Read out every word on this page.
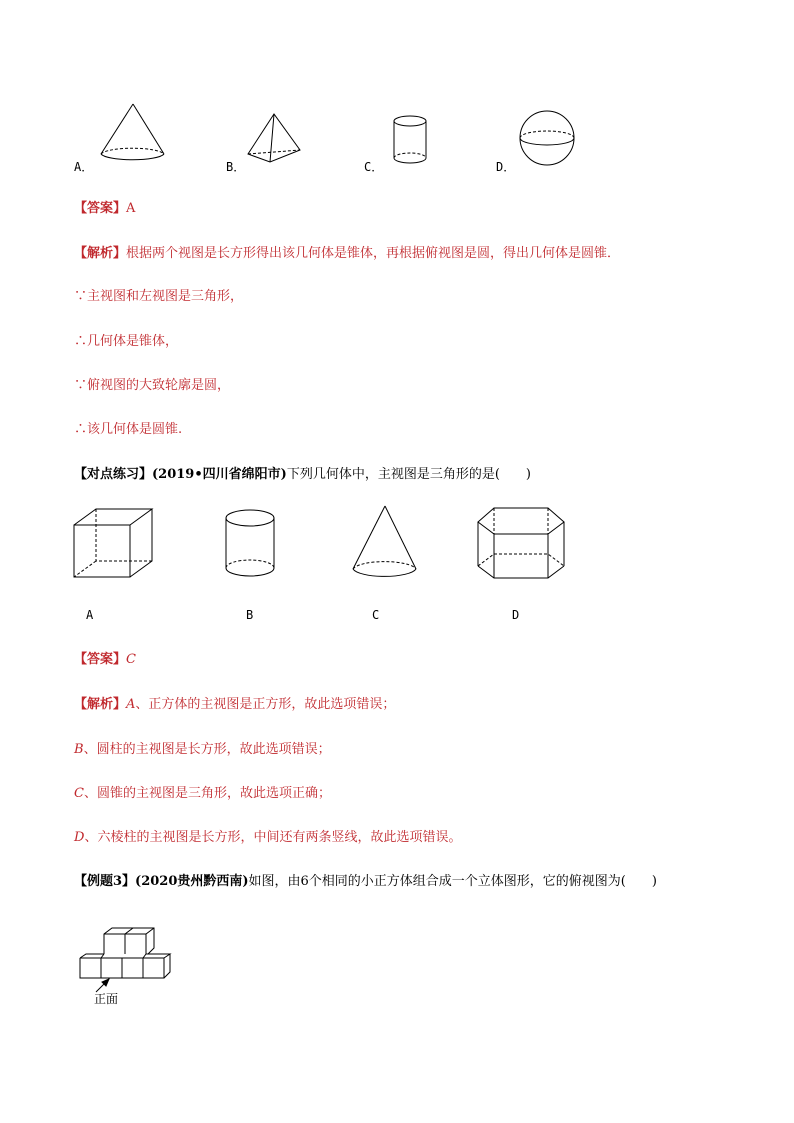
A．	B．	C．	D．
【答案】A
【解析】根据两个视图是长方形得出该几何体是锥体，再根据俯视图是圆，得出几何体是圆锥．
∵主视图和左视图是三角形，
∴几何体是锥体，
∵俯视图的大致轮廓是圆，
∴该几何体是圆锥.
【对点练习】(2019•四川省绵阳市)下列几何体中，主视图是三角形的是(　　)
A	B	C	D
【答案】C
【解析】A、正方体的主视图是正方形，故此选项错误；
B、圆柱的主视图是长方形，故此选项错误；
C、圆锥的主视图是三角形，故此选项正确；
D、六棱柱的主视图是长方形，中间还有两条竖线，故此选项错误。
【例题3】(2020贵州黔西南)如图，由6个相同的小正方体组合成一个立体图形，它的俯视图为(　　)
正面
